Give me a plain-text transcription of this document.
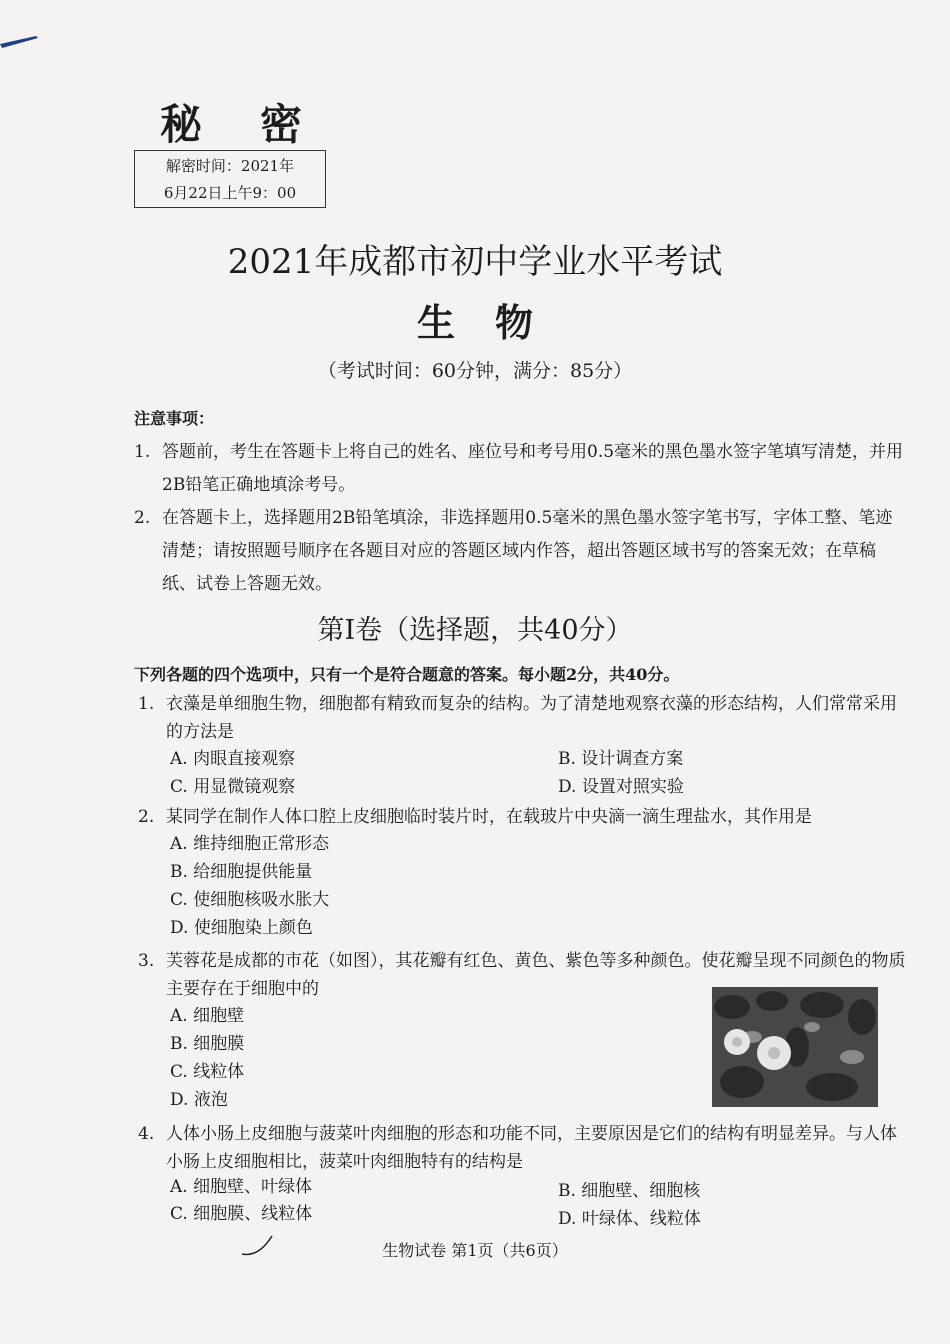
秘密
解密时间：2021年
6月22日上午9：00
2021年成都市初中学业水平考试
生物
（考试时间：60分钟，满分：85分）
注意事项：
1. 答题前，考生在答题卡上将自己的姓名、座位号和考号用0.5毫米的黑色墨水签字笔填写清楚，并用2B铅笔正确地填涂考号。
2. 在答题卡上，选择题用2B铅笔填涂，非选择题用0.5毫米的黑色墨水签字笔书写，字体工整、笔迹清楚；请按照题号顺序在各题目对应的答题区域内作答，超出答题区域书写的答案无效；在草稿纸、试卷上答题无效。
第Ⅰ卷（选择题，共40分）
下列各题的四个选项中，只有一个是符合题意的答案。每小题2分，共40分。
1. 衣藻是单细胞生物，细胞都有精致而复杂的结构。为了清楚地观察衣藻的形态结构，人们常常采用的方法是
A. 肉眼直接观察	B. 设计调查方案
C. 用显微镜观察	D. 设置对照实验
2. 某同学在制作人体口腔上皮细胞临时装片时，在载玻片中央滴一滴生理盐水，其作用是
A. 维持细胞正常形态
B. 给细胞提供能量
C. 使细胞核吸水胀大
D. 使细胞染上颜色
3. 芙蓉花是成都的市花（如图），其花瓣有红色、黄色、紫色等多种颜色。使花瓣呈现不同颜色的物质主要存在于细胞中的
A. 细胞壁
B. 细胞膜
C. 线粒体
D. 液泡
4. 人体小肠上皮细胞与菠菜叶肉细胞的形态和功能不同，主要原因是它们的结构有明显差异。与人体小肠上皮细胞相比，菠菜叶肉细胞特有的结构是
A. 细胞壁、叶绿体	B. 细胞壁、细胞核
C. 细胞膜、线粒体	D. 叶绿体、线粒体
生物试卷 第1页（共6页）
